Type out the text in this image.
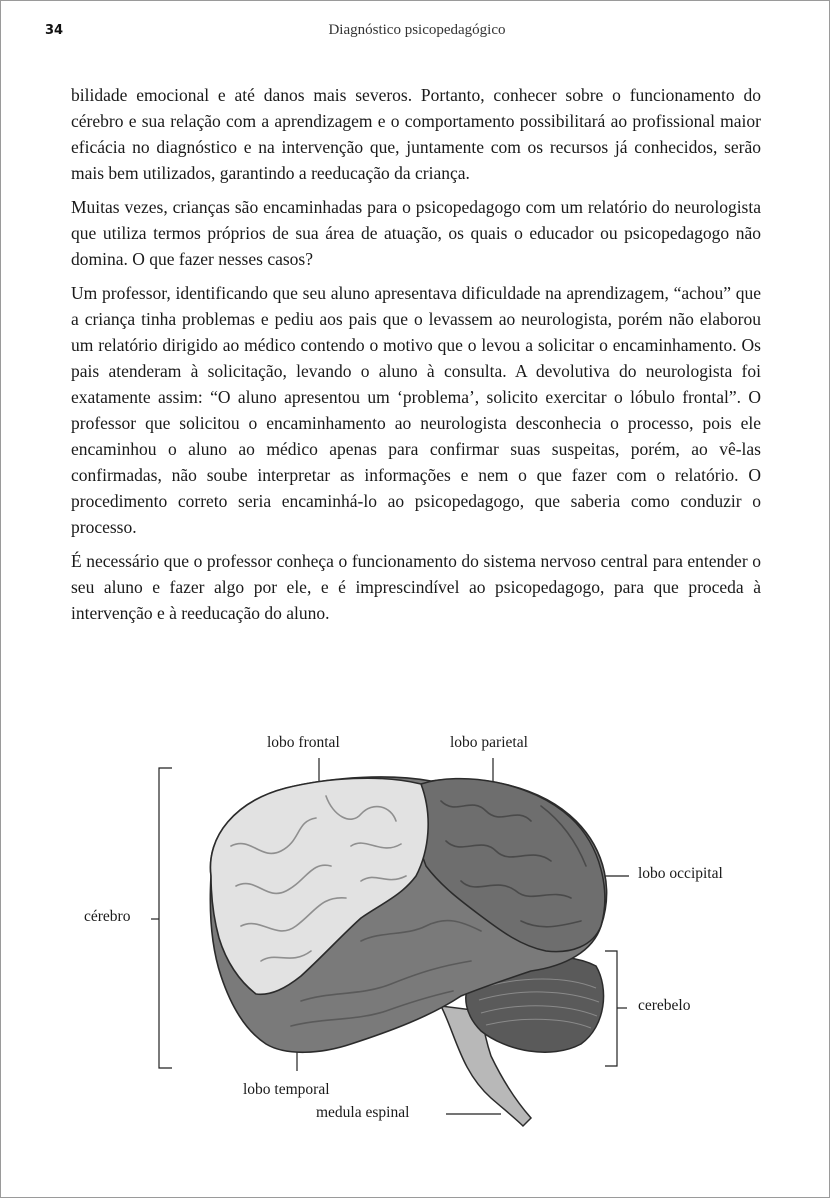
34	Diagnóstico psicopedagógico

bilidade emocional e até danos mais severos. Portanto, conhecer sobre o funcionamento do cérebro e sua relação com a aprendizagem e o comportamento possibilitará ao profissional maior eficácia no diagnóstico e na intervenção que, juntamente com os recursos já conhecidos, serão mais bem utilizados, garantindo a reeducação da criança.

Muitas vezes, crianças são encaminhadas para o psicopedagogo com um relatório do neurologista que utiliza termos próprios de sua área de atuação, os quais o educador ou psicopedagogo não domina. O que fazer nesses casos?

Um professor, identificando que seu aluno apresentava dificuldade na aprendizagem, “achou” que a criança tinha problemas e pediu aos pais que o levassem ao neurologista, porém não elaborou um relatório dirigido ao médico contendo o motivo que o levou a solicitar o encaminhamento. Os pais atenderam à solicitação, levando o aluno à consulta. A devolutiva do neurologista foi exatamente assim: “O aluno apresentou um ‘problema’, solicito exercitar o lóbulo frontal”. O professor que solicitou o encaminhamento ao neurologista desconhecia o processo, pois ele encaminhou o aluno ao médico apenas para confirmar suas suspeitas, porém, ao vê-las confirmadas, não soube interpretar as informações e nem o que fazer com o relatório. O procedimento correto seria encaminhá-lo ao psicopedagogo, que saberia como conduzir o processo.

É necessário que o professor conheça o funcionamento do sistema nervoso central para entender o seu aluno e fazer algo por ele, e é imprescindível ao psicopedagogo, para que proceda à intervenção e à reeducação do aluno.

lobo frontal	lobo parietal
lobo occipital
cérebro
cerebelo
lobo temporal
medula espinal
